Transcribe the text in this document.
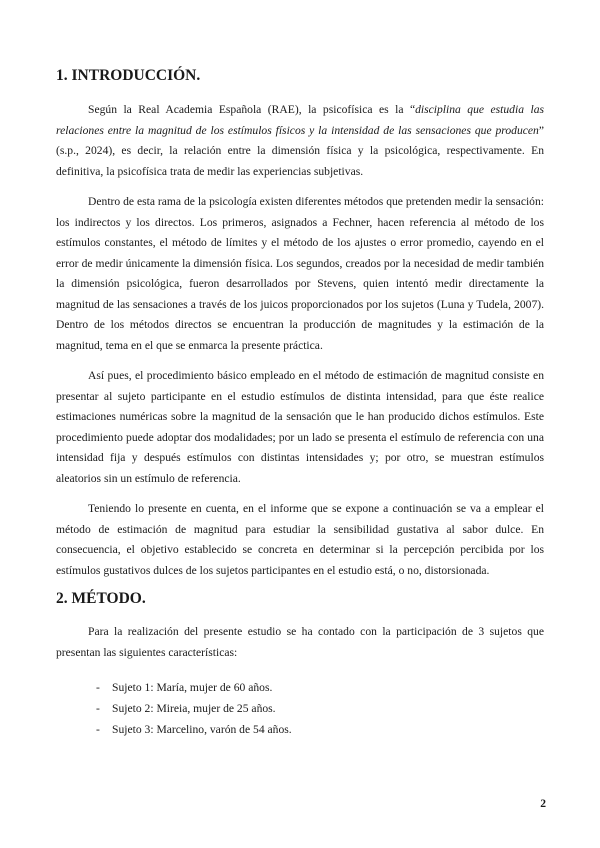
1. INTRODUCCIÓN.

Según la Real Academia Española (RAE), la psicofísica es la “disciplina que estudia las relaciones entre la magnitud de los estímulos físicos y la intensidad de las sensaciones que producen” (s.p., 2024), es decir, la relación entre la dimensión física y la psicológica, respectivamente. En definitiva, la psicofísica trata de medir las experiencias subjetivas.

Dentro de esta rama de la psicología existen diferentes métodos que pretenden medir la sensación: los indirectos y los directos. Los primeros, asignados a Fechner, hacen referencia al método de los estímulos constantes, el método de límites y el método de los ajustes o error promedio, cayendo en el error de medir únicamente la dimensión física. Los segundos, creados por la necesidad de medir también la dimensión psicológica, fueron desarrollados por Stevens, quien intentó medir directamente la magnitud de las sensaciones a través de los juicos proporcionados por los sujetos (Luna y Tudela, 2007). Dentro de los métodos directos se encuentran la producción de magnitudes y la estimación de la magnitud, tema en el que se enmarca la presente práctica.

Así pues, el procedimiento básico empleado en el método de estimación de magnitud consiste en presentar al sujeto participante en el estudio estímulos de distinta intensidad, para que éste realice estimaciones numéricas sobre la magnitud de la sensación que le han producido dichos estímulos. Este procedimiento puede adoptar dos modalidades; por un lado se presenta el estímulo de referencia con una intensidad fija y después estímulos con distintas intensidades y; por otro, se muestran estímulos aleatorios sin un estímulo de referencia.

Teniendo lo presente en cuenta, en el informe que se expone a continuación se va a emplear el método de estimación de magnitud para estudiar la sensibilidad gustativa al sabor dulce. En consecuencia, el objetivo establecido se concreta en determinar si la percepción percibida por los estímulos gustativos dulces de los sujetos participantes en el estudio está, o no, distorsionada.

2. MÉTODO.

Para la realización del presente estudio se ha contado con la participación de 3 sujetos que presentan las siguientes características:

- Sujeto 1: María, mujer de 60 años.
- Sujeto 2: Mireia, mujer de 25 años.
- Sujeto 3: Marcelino, varón de 54 años.
2
